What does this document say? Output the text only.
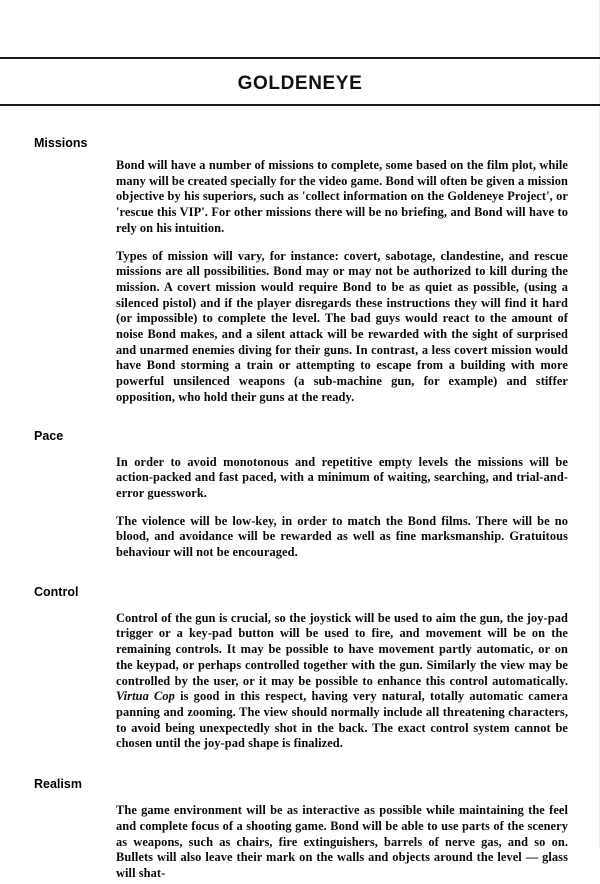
GOLDENEYE
Missions

Bond will have a number of missions to complete, some based on the film plot, while many will be created specially for the video game. Bond will often be given a mission objective by his superiors, such as 'collect information on the Goldeneye Project', or 'rescue this VIP'. For other missions there will be no briefing, and Bond will have to rely on his intuition.

Types of mission will vary, for instance: covert, sabotage, clandestine, and rescue missions are all possibilities. Bond may or may not be authorized to kill during the mission. A covert mission would require Bond to be as quiet as possible, (using a silenced pistol) and if the player disregards these instructions they will find it hard (or impossible) to complete the level. The bad guys would react to the amount of noise Bond makes, and a silent attack will be rewarded with the sight of surprised and unarmed enemies diving for their guns. In contrast, a less covert mission would have Bond storming a train or attempting to escape from a building with more powerful unsilenced weapons (a sub-machine gun, for example) and stiffer opposition, who hold their guns at the ready.

Pace

In order to avoid monotonous and repetitive empty levels the missions will be action-packed and fast paced, with a minimum of waiting, searching, and trial-and-error guesswork.

The violence will be low-key, in order to match the Bond films. There will be no blood, and avoidance will be rewarded as well as fine marksmanship. Gratuitous behaviour will not be encouraged.

Control

Control of the gun is crucial, so the joystick will be used to aim the gun, the joy-pad trigger or a key-pad button will be used to fire, and movement will be on the remaining controls. It may be possible to have movement partly automatic, or on the keypad, or perhaps controlled together with the gun. Similarly the view may be controlled by the user, or it may be possible to enhance this control automatically. Virtua Cop is good in this respect, having very natural, totally automatic camera panning and zooming. The view should normally include all threatening characters, to avoid being unexpectedly shot in the back. The exact control system cannot be chosen until the joy-pad shape is finalized.

Realism

The game environment will be as interactive as possible while maintaining the feel and complete focus of a shooting game. Bond will be able to use parts of the scenery as weapons, such as chairs, fire extinguishers, barrels of nerve gas, and so on. Bullets will also leave their mark on the walls and objects around the level — glass will shat-
